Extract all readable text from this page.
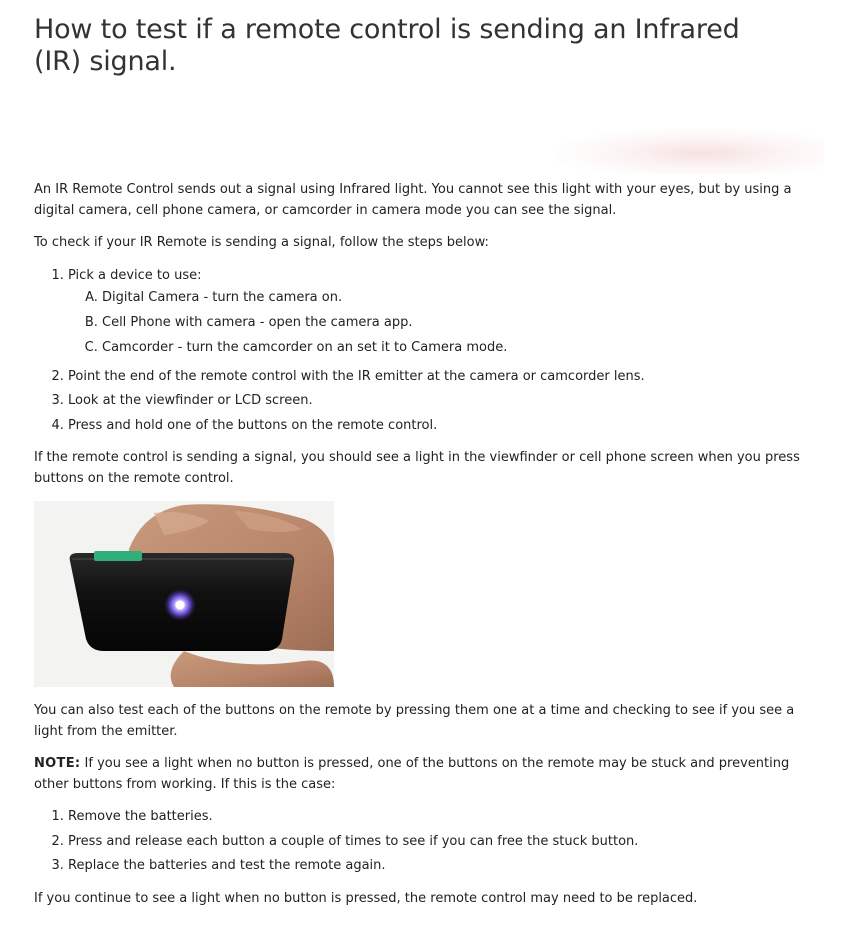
How to test if a remote control is sending an Infrared (IR) signal.

An IR Remote Control sends out a signal using Infrared light. You cannot see this light with your eyes, but by using a digital camera, cell phone camera, or camcorder in camera mode you can see the signal.

To check if your IR Remote is sending a signal, follow the steps below:

1. Pick a device to use:
A. Digital Camera - turn the camera on.
B. Cell Phone with camera - open the camera app.
C. Camcorder - turn the camcorder on an set it to Camera mode.
2. Point the end of the remote control with the IR emitter at the camera or camcorder lens.
3. Look at the viewfinder or LCD screen.
4. Press and hold one of the buttons on the remote control.

If the remote control is sending a signal, you should see a light in the viewfinder or cell phone screen when you press buttons on the remote control.

You can also test each of the buttons on the remote by pressing them one at a time and checking to see if you see a light from the emitter.

NOTE: If you see a light when no button is pressed, one of the buttons on the remote may be stuck and preventing other buttons from working. If this is the case:

1. Remove the batteries.
2. Press and release each button a couple of times to see if you can free the stuck button.
3. Replace the batteries and test the remote again.

If you continue to see a light when no button is pressed, the remote control may need to be replaced.
